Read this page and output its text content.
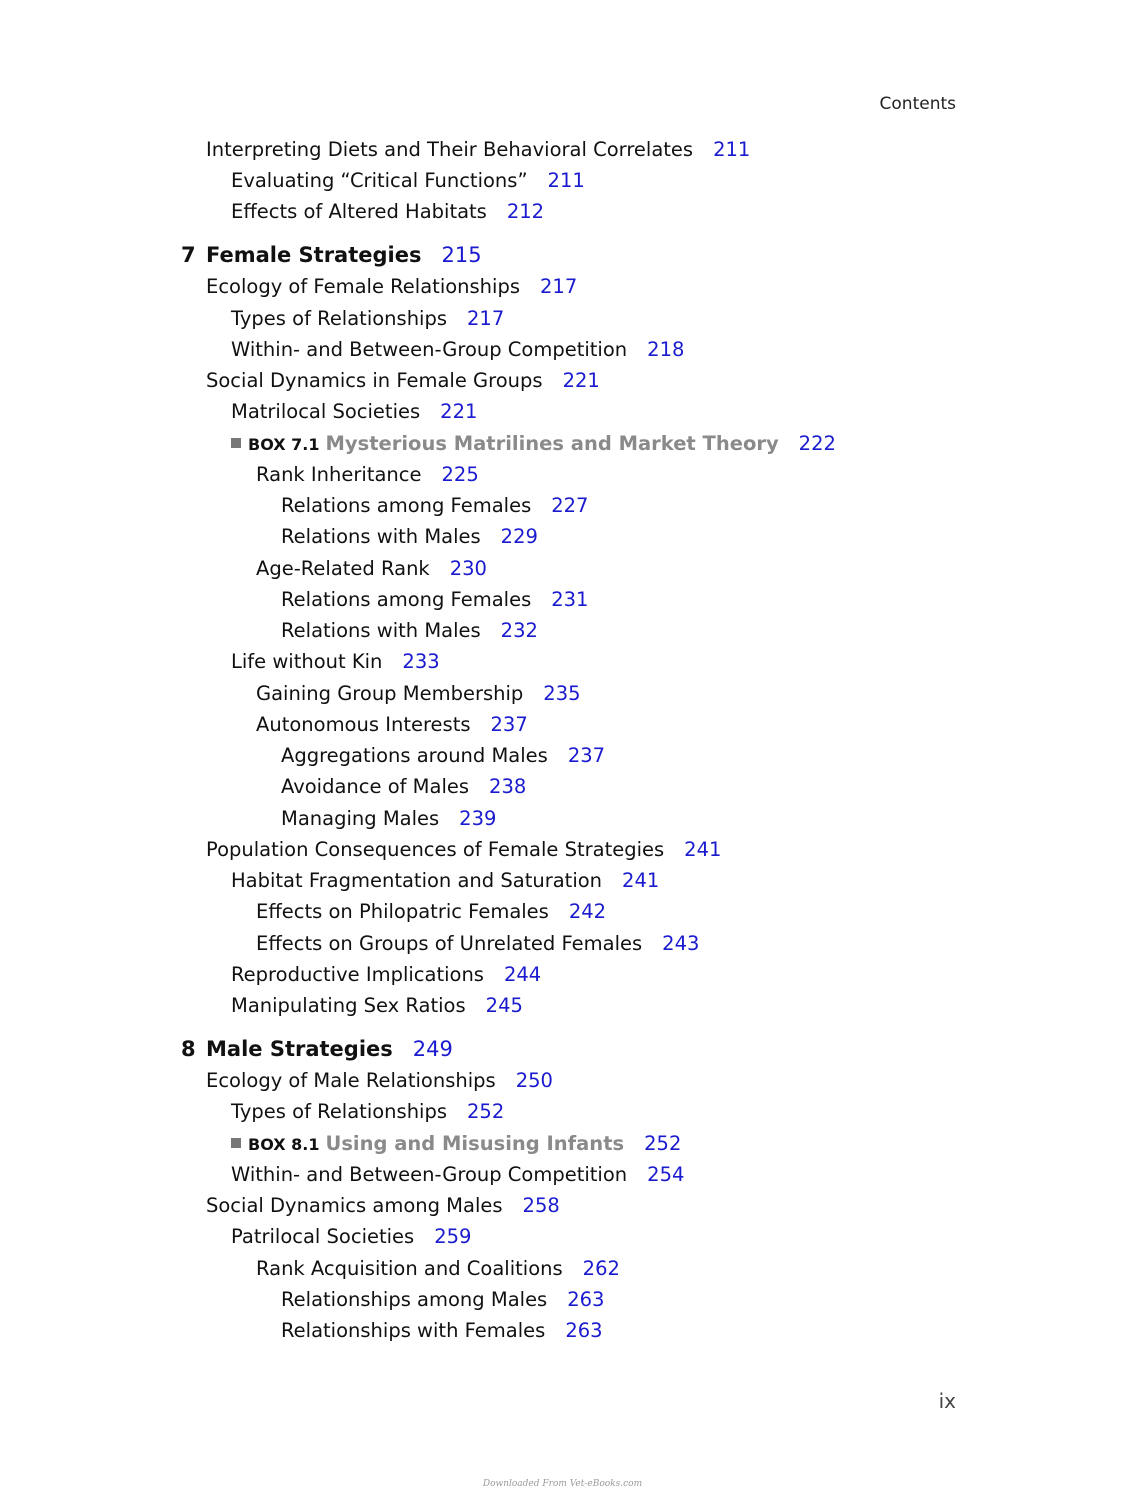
Contents
Interpreting Diets and Their Behavioral Correlates 211
Evaluating “Critical Functions” 211
Effects of Altered Habitats 212
7 Female Strategies 215
Ecology of Female Relationships 217
Types of Relationships 217
Within- and Between-Group Competition 218
Social Dynamics in Female Groups 221
Matrilocal Societies 221
BOX 7.1 Mysterious Matrilines and Market Theory 222
Rank Inheritance 225
Relations among Females 227
Relations with Males 229
Age-Related Rank 230
Relations among Females 231
Relations with Males 232
Life without Kin 233
Gaining Group Membership 235
Autonomous Interests 237
Aggregations around Males 237
Avoidance of Males 238
Managing Males 239
Population Consequences of Female Strategies 241
Habitat Fragmentation and Saturation 241
Effects on Philopatric Females 242
Effects on Groups of Unrelated Females 243
Reproductive Implications 244
Manipulating Sex Ratios 245
8 Male Strategies 249
Ecology of Male Relationships 250
Types of Relationships 252
BOX 8.1 Using and Misusing Infants 252
Within- and Between-Group Competition 254
Social Dynamics among Males 258
Patrilocal Societies 259
Rank Acquisition and Coalitions 262
Relationships among Males 263
Relationships with Females 263
ix
Downloaded From Vet-eBooks.com
